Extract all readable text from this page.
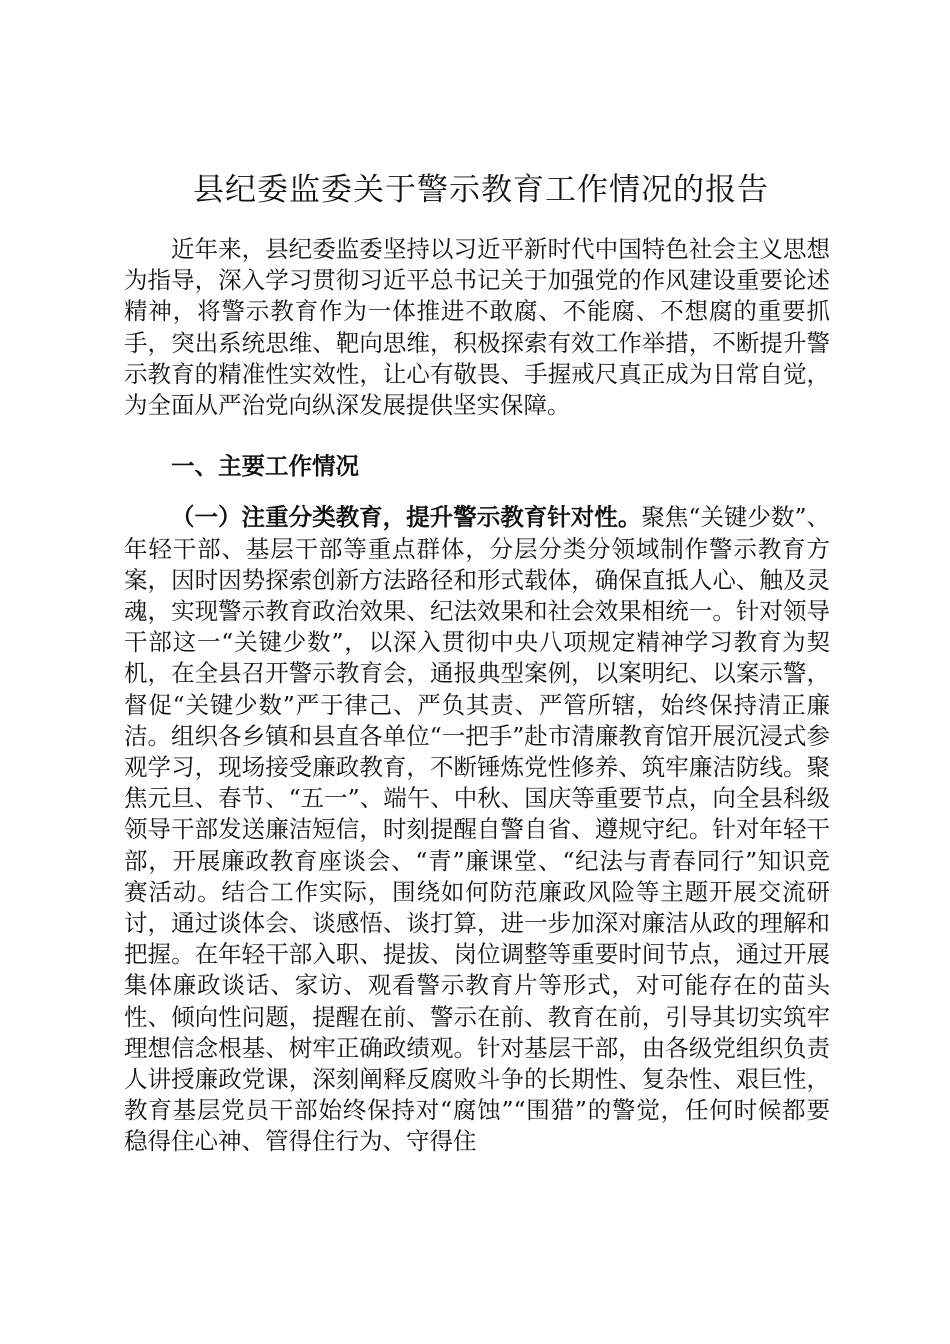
县纪委监委关于警示教育工作情况的报告

近年来，县纪委监委坚持以习近平新时代中国特色社会主义思想为指导，深入学习贯彻习近平总书记关于加强党的作风建设重要论述精神，将警示教育作为一体推进不敢腐、不能腐、不想腐的重要抓手，突出系统思维、靶向思维，积极探索有效工作举措，不断提升警示教育的精准性实效性，让心有敬畏、手握戒尺真正成为日常自觉，为全面从严治党向纵深发展提供坚实保障。

一、主要工作情况

（一）注重分类教育，提升警示教育针对性。聚焦“关键少数”、年轻干部、基层干部等重点群体，分层分类分领域制作警示教育方案，因时因势探索创新方法路径和形式载体，确保直抵人心、触及灵魂，实现警示教育政治效果、纪法效果和社会效果相统一。针对领导干部这一“关键少数”，以深入贯彻中央八项规定精神学习教育为契机，在全县召开警示教育会，通报典型案例，以案明纪、以案示警，督促“关键少数”严于律己、严负其责、严管所辖，始终保持清正廉洁。组织各乡镇和县直各单位“一把手”赴市清廉教育馆开展沉浸式参观学习，现场接受廉政教育，不断锤炼党性修养、筑牢廉洁防线。聚焦元旦、春节、“五一”、端午、中秋、国庆等重要节点，向全县科级领导干部发送廉洁短信，时刻提醒自警自省、遵规守纪。针对年轻干部，开展廉政教育座谈会、“青”廉课堂、“纪法与青春同行”知识竞赛活动。结合工作实际，围绕如何防范廉政风险等主题开展交流研讨，通过谈体会、谈感悟、谈打算，进一步加深对廉洁从政的理解和把握。在年轻干部入职、提拔、岗位调整等重要时间节点，通过开展集体廉政谈话、家访、观看警示教育片等形式，对可能存在的苗头性、倾向性问题，提醒在前、警示在前、教育在前，引导其切实筑牢理想信念根基、树牢正确政绩观。针对基层干部，由各级党组织负责人讲授廉政党课，深刻阐释反腐败斗争的长期性、复杂性、艰巨性，教育基层党员干部始终保持对“腐蚀”“围猎”的警觉，任何时候都要稳得住心神、管得住行为、守得住
